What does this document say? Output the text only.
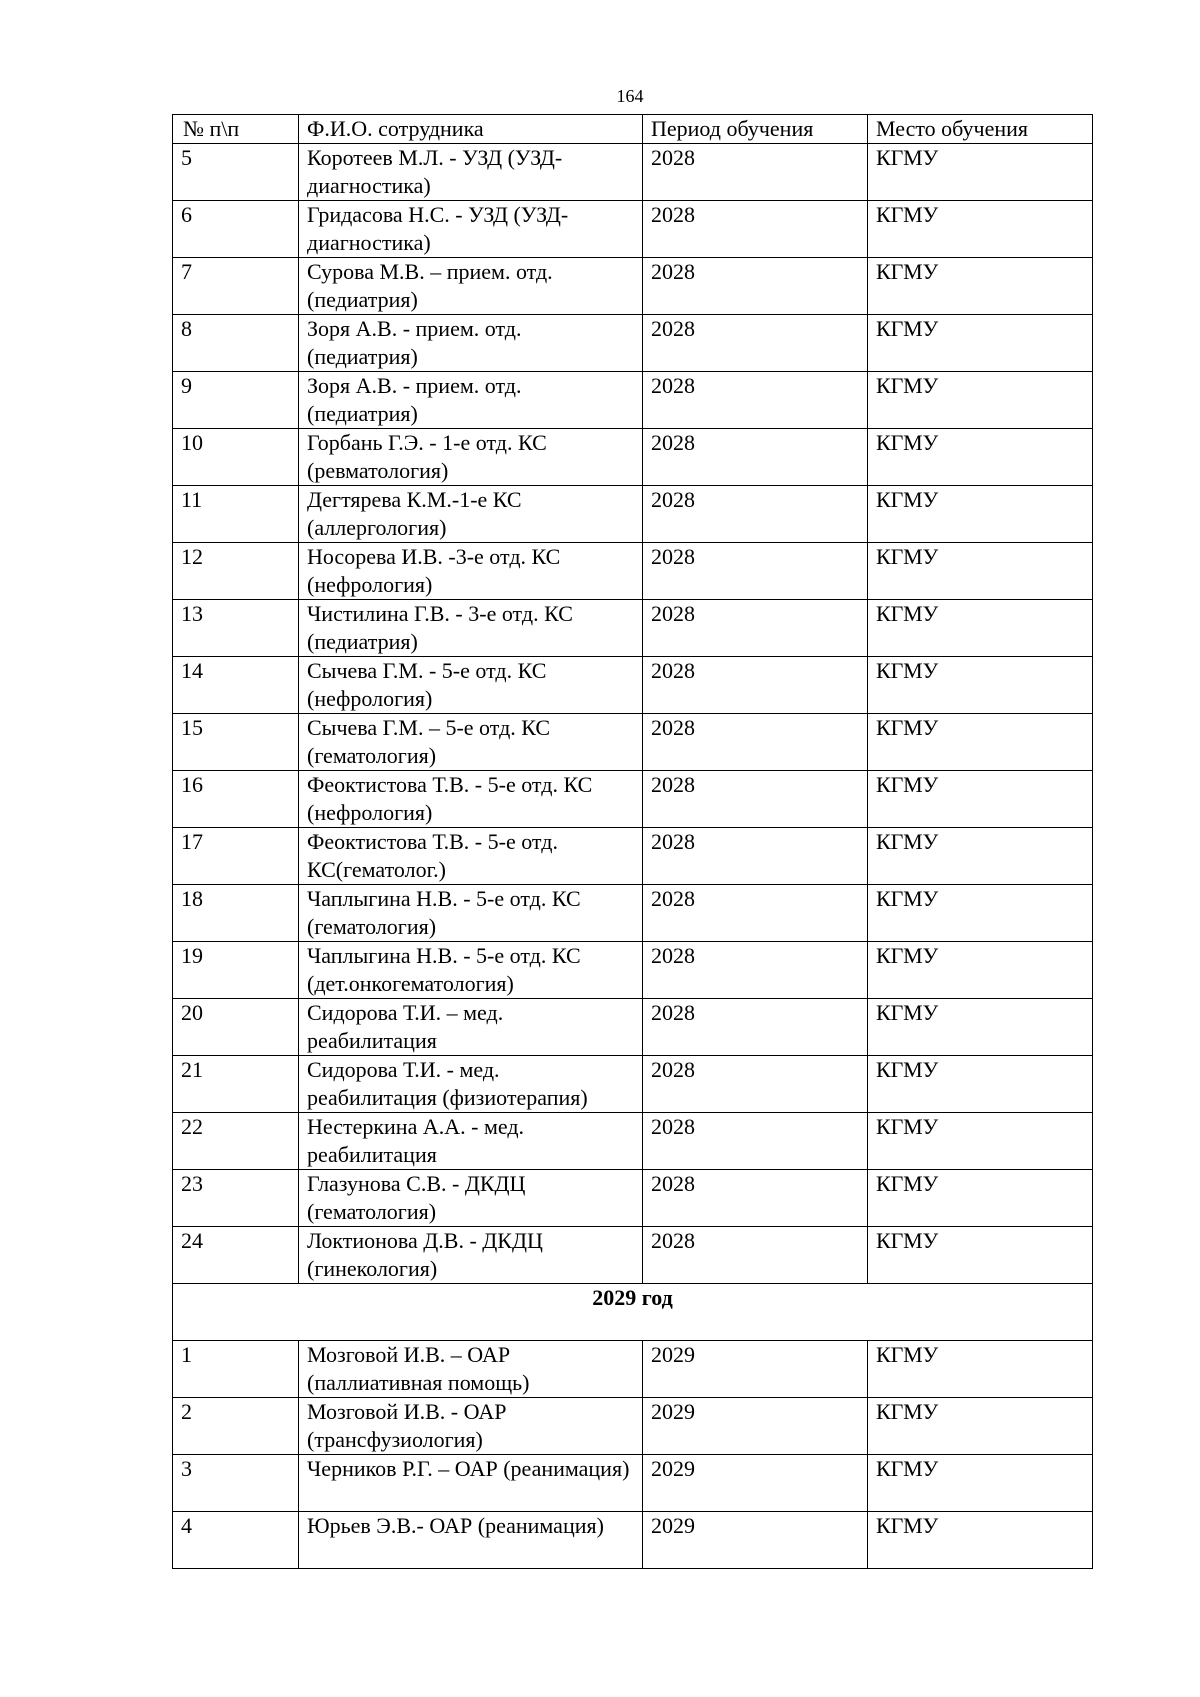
164
№ п\п	Ф.И.О. сотрудника	Период обучения	Место обучения
5	Коротеев М.Л. - УЗД (УЗД-диагностика)	2028	КГМУ
6	Гридасова Н.С. - УЗД (УЗД-диагностика)	2028	КГМУ
7	Сурова М.В. – прием. отд. (педиатрия)	2028	КГМУ
8	Зоря А.В. - прием. отд. (педиатрия)	2028	КГМУ
9	Зоря А.В. - прием. отд. (педиатрия)	2028	КГМУ
10	Горбань Г.Э. - 1-е отд. КС (ревматология)	2028	КГМУ
11	Дегтярева К.М.-1-е КС (аллергология)	2028	КГМУ
12	Носорева И.В. -3-е отд. КС (нефрология)	2028	КГМУ
13	Чистилина Г.В. - 3-е отд. КС (педиатрия)	2028	КГМУ
14	Сычева Г.М. - 5-е отд. КС (нефрология)	2028	КГМУ
15	Сычева Г.М. – 5-е отд. КС (гематология)	2028	КГМУ
16	Феоктистова Т.В. - 5-е отд. КС (нефрология)	2028	КГМУ
17	Феоктистова Т.В. - 5-е отд. КС(гематолог.)	2028	КГМУ
18	Чаплыгина Н.В. - 5-е отд. КС (гематология)	2028	КГМУ
19	Чаплыгина Н.В. - 5-е отд. КС (дет.онкогематология)	2028	КГМУ
20	Сидорова Т.И. – мед. реабилитация	2028	КГМУ
21	Сидорова Т.И. - мед. реабилитация (физиотерапия)	2028	КГМУ
22	Нестеркина А.А. - мед. реабилитация	2028	КГМУ
23	Глазунова С.В. - ДКДЦ (гематология)	2028	КГМУ
24	Локтионова Д.В. - ДКДЦ (гинекология)	2028	КГМУ
2029 год			
1	Мозговой И.В. – ОАР (паллиативная помощь)	2029	КГМУ
2	Мозговой И.В. - ОАР (трансфузиология)	2029	КГМУ
3	Черников Р.Г. – ОАР (реанимация)	2029	КГМУ
4	Юрьев Э.В.- ОАР (реанимация)	2029	КГМУ
